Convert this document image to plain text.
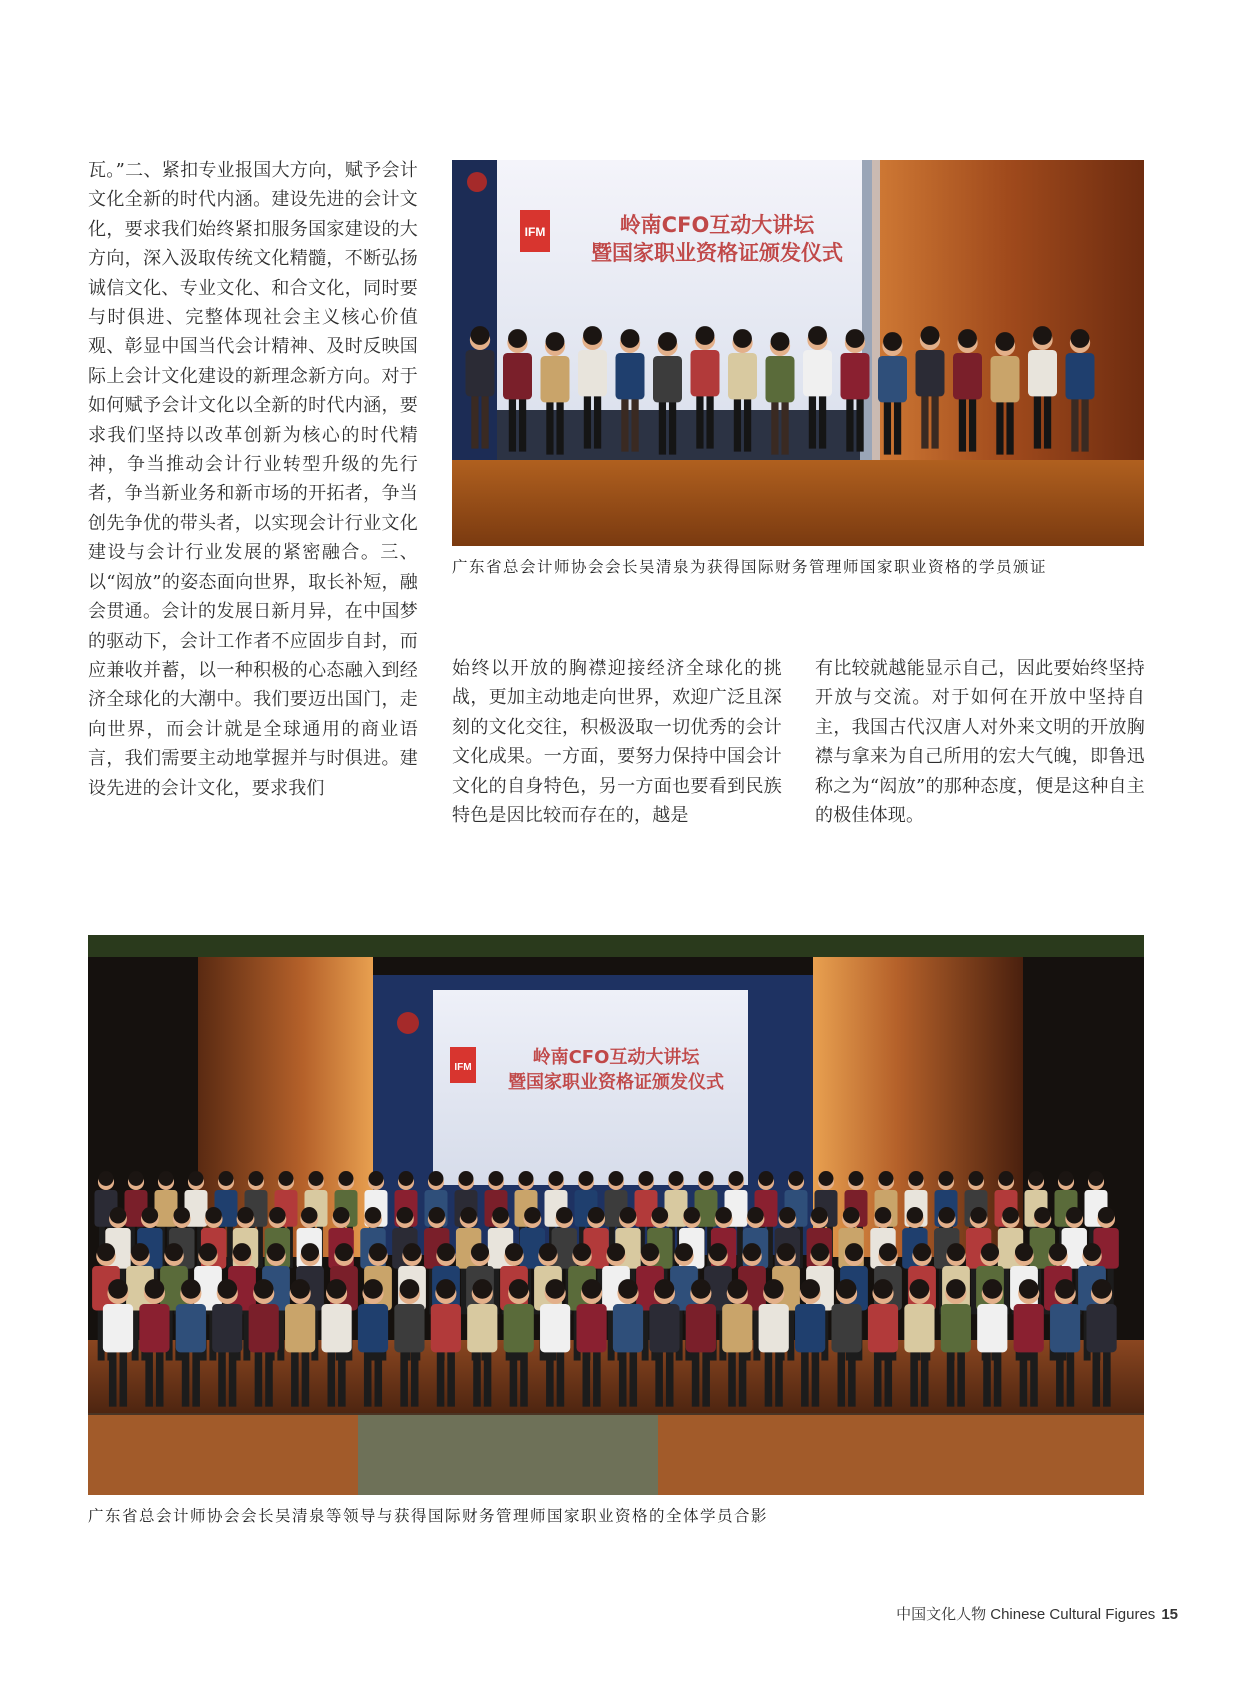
瓦。”二、紧扣专业报国大方向，赋予会计文化全新的时代内涵。建设先进的会计文化，要求我们始终紧扣服务国家建设的大方向，深入汲取传统文化精髓，不断弘扬诚信文化、专业文化、和合文化，同时要与时俱进、完整体现社会主义核心价值观、彰显中国当代会计精神、及时反映国际上会计文化建设的新理念新方向。对于如何赋予会计文化以全新的时代内涵，要求我们坚持以改革创新为核心的时代精神，争当推动会计行业转型升级的先行者，争当新业务和新市场的开拓者，争当创先争优的带头者，以实现会计行业文化建设与会计行业发展的紧密融合。三、以“闳放”的姿态面向世界，取长补短，融会贯通。会计的发展日新月异，在中国梦的驱动下，会计工作者不应固步自封，而应兼收并蓄，以一种积极的心态融入到经济全球化的大潮中。我们要迈出国门，走向世界，而会计就是全球通用的商业语言，我们需要主动地掌握并与时俱进。建设先进的会计文化，要求我们
IFM	岭南CFO互动大讲坛
暨国家职业资格证颁发仪式
广东省总会计师协会会长吴清泉为获得国际财务管理师国家职业资格的学员颁证
始终以开放的胸襟迎接经济全球化的挑战，更加主动地走向世界，欢迎广泛且深刻的文化交往，积极汲取一切优秀的会计文化成果。一方面，要努力保持中国会计文化的自身特色，另一方面也要看到民族特色是因比较而存在的，越是
有比较就越能显示自己，因此要始终坚持开放与交流。对于如何在开放中坚持自主，我国古代汉唐人对外来文明的开放胸襟与拿来为自己所用的宏大气魄，即鲁迅称之为“闳放”的那种态度，便是这种自主的极佳体现。
IFM	岭南CFO互动大讲坛
暨国家职业资格证颁发仪式
广东省总会计师协会会长吴清泉等领导与获得国际财务管理师国家职业资格的全体学员合影
中国文化人物 Chinese Cultural Figures 15
